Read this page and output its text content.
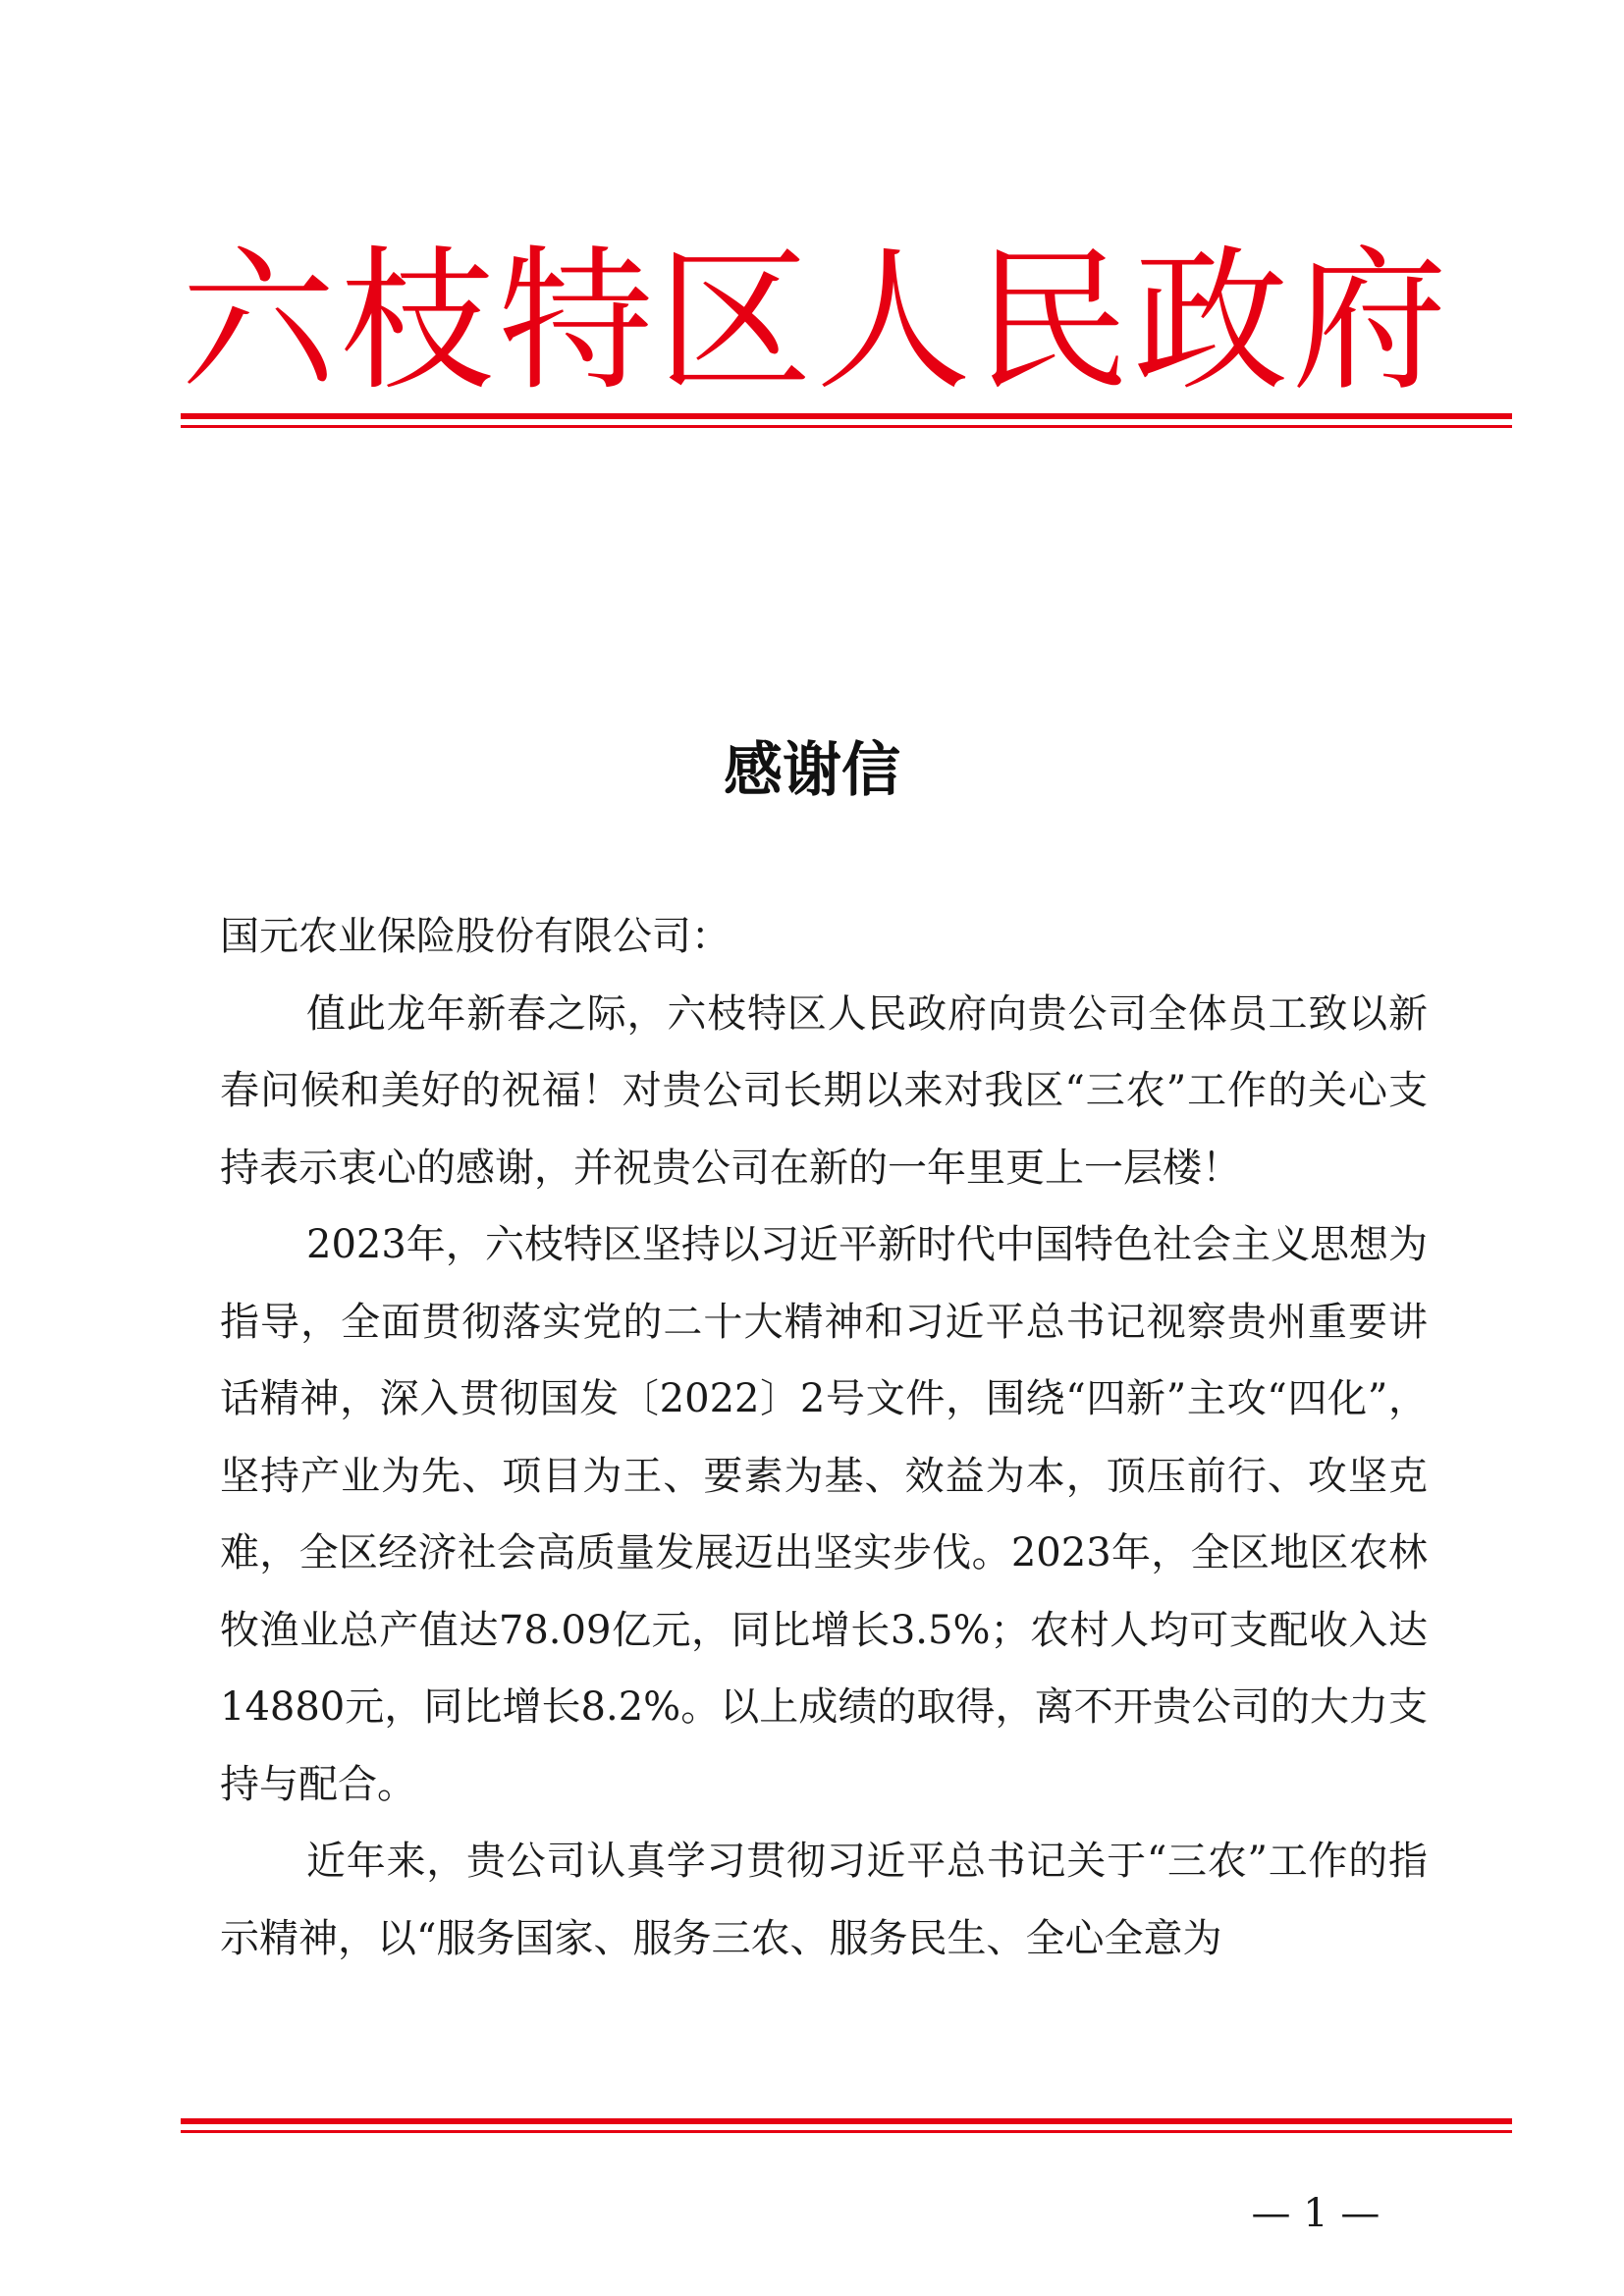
六 枝 特 区 人 民 政 府
感谢信

国元农业保险股份有限公司：

值此龙年新春之际，六枝特区人民政府向贵公司全体员工致以新春问候和美好的祝福！对贵公司长期以来对我区“三农”工作的关心支持表示衷心的感谢，并祝贵公司在新的一年里更上一层楼！

2023年，六枝特区坚持以习近平新时代中国特色社会主义思想为指导，全面贯彻落实党的二十大精神和习近平总书记视察贵州重要讲话精神，深入贯彻国发〔2022〕2号文件，围绕“四新”主攻“四化”，坚持产业为先、项目为王、要素为基、效益为本，顶压前行、攻坚克难，全区经济社会高质量发展迈出坚实步伐。2023年，全区地区农林牧渔业总产值达78.09亿元，同比增长3.5%；农村人均可支配收入达14880元，同比增长8.2%。以上成绩的取得，离不开贵公司的大力支持与配合。

近年来，贵公司认真学习贯彻习近平总书记关于“三农”工作的指示精神，以“服务国家、服务三农、服务民生、全心全意为

— 1 —
